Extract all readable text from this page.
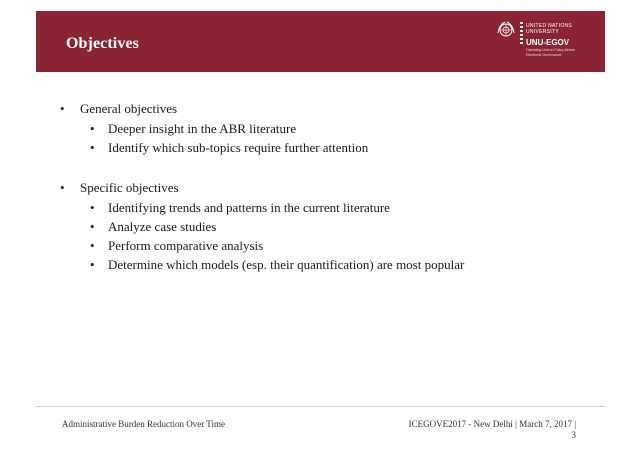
Objectives
UNITED NATIONS
UNIVERSITY
UNU-EGOV
Operating Unit on Policy-Driven
Electronic Governance
• General objectives
• Deeper insight in the ABR literature
• Identify which sub-topics require further attention
• Specific objectives
• Identifying trends and patterns in the current literature
• Analyze case studies
• Perform comparative analysis
• Determine which models (esp. their quantification) are most popular
Administrative Burden Reduction Over Time	ICEGOVE2017 - New Delhi | March 7, 2017 |
3
